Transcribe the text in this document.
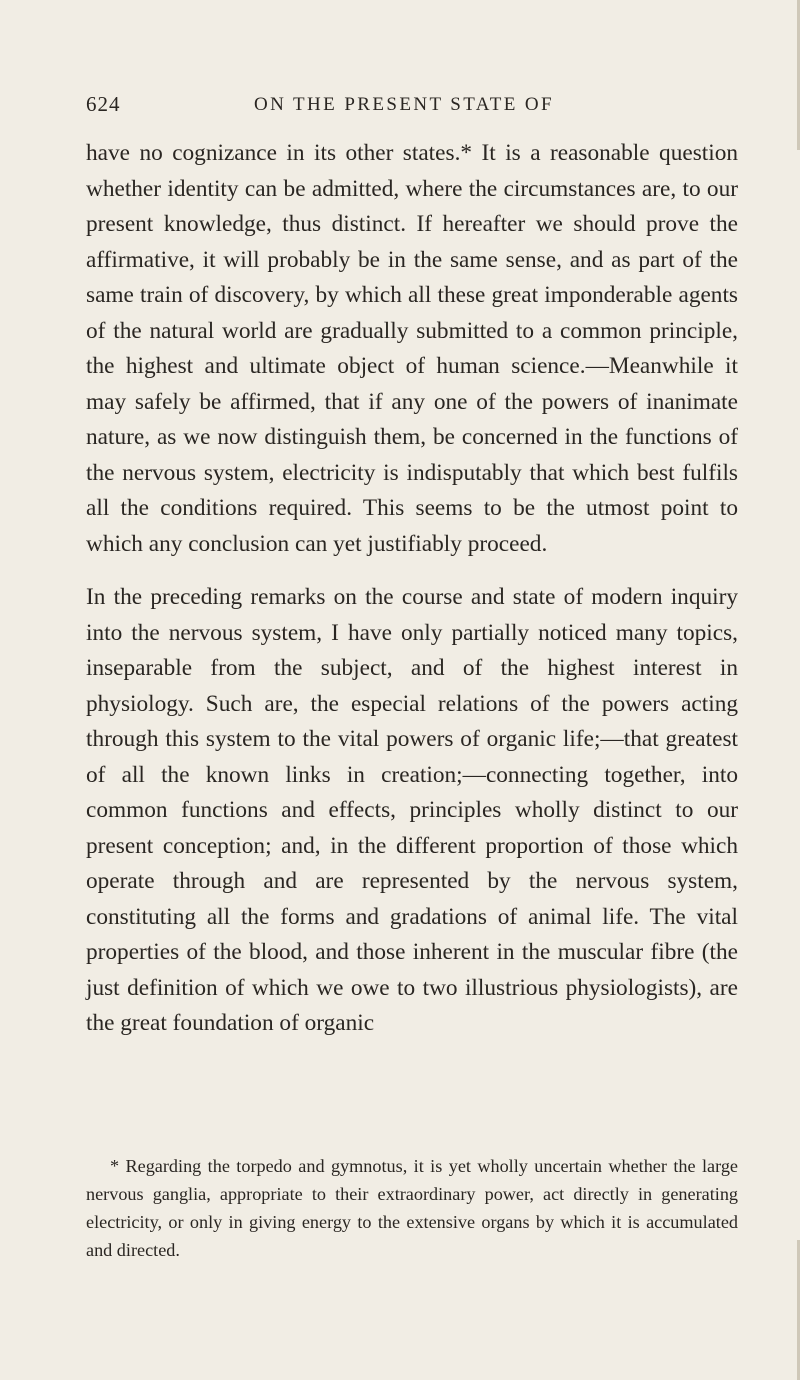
624	ON THE PRESENT STATE OF

have no cognizance in its other states.* It is a reasonable question whether identity can be admitted, where the circumstances are, to our present knowledge, thus distinct. If hereafter we should prove the affirmative, it will probably be in the same sense, and as part of the same train of discovery, by which all these great imponderable agents of the natural world are gradually submitted to a common principle, the highest and ultimate object of human science.—Meanwhile it may safely be affirmed, that if any one of the powers of inanimate nature, as we now distinguish them, be concerned in the functions of the nervous system, electricity is indisputably that which best fulfils all the conditions required. This seems to be the utmost point to which any conclusion can yet justifiably proceed.

In the preceding remarks on the course and state of modern inquiry into the nervous system, I have only partially noticed many topics, inseparable from the subject, and of the highest interest in physiology. Such are, the especial relations of the powers acting through this system to the vital powers of organic life;—that greatest of all the known links in creation;—connecting together, into common functions and effects, principles wholly distinct to our present conception; and, in the different proportion of those which operate through and are represented by the nervous system, constituting all the forms and gradations of animal life. The vital properties of the blood, and those inherent in the muscular fibre (the just definition of which we owe to two illustrious physiologists), are the great foundation of organic

* Regarding the torpedo and gymnotus, it is yet wholly uncertain whether the large nervous ganglia, appropriate to their extraordinary power, act directly in generating electricity, or only in giving energy to the extensive organs by which it is accumulated and directed.
